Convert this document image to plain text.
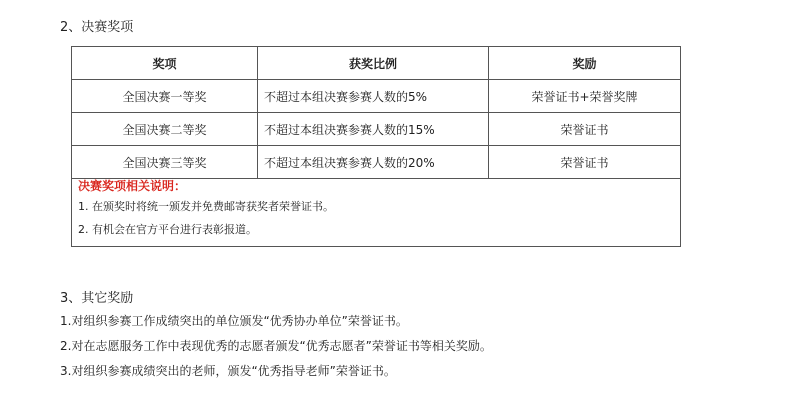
2、决赛奖项
奖项	获奖比例	奖励
全国决赛一等奖	不超过本组决赛参赛人数的5%	荣誉证书+荣誉奖牌
全国决赛二等奖	不超过本组决赛参赛人数的15%	荣誉证书
全国决赛三等奖	不超过本组决赛参赛人数的20%	荣誉证书

决赛奖项相关说明：
1. 在颁奖时将统一颁发并免费邮寄获奖者荣誉证书。
2. 有机会在官方平台进行表彰报道。		
3、其它奖励
1.对组织参赛工作成绩突出的单位颁发“优秀协办单位”荣誉证书。
2.对在志愿服务工作中表现优秀的志愿者颁发“优秀志愿者”荣誉证书等相关奖励。
3.对组织参赛成绩突出的老师，颁发“优秀指导老师”荣誉证书。
